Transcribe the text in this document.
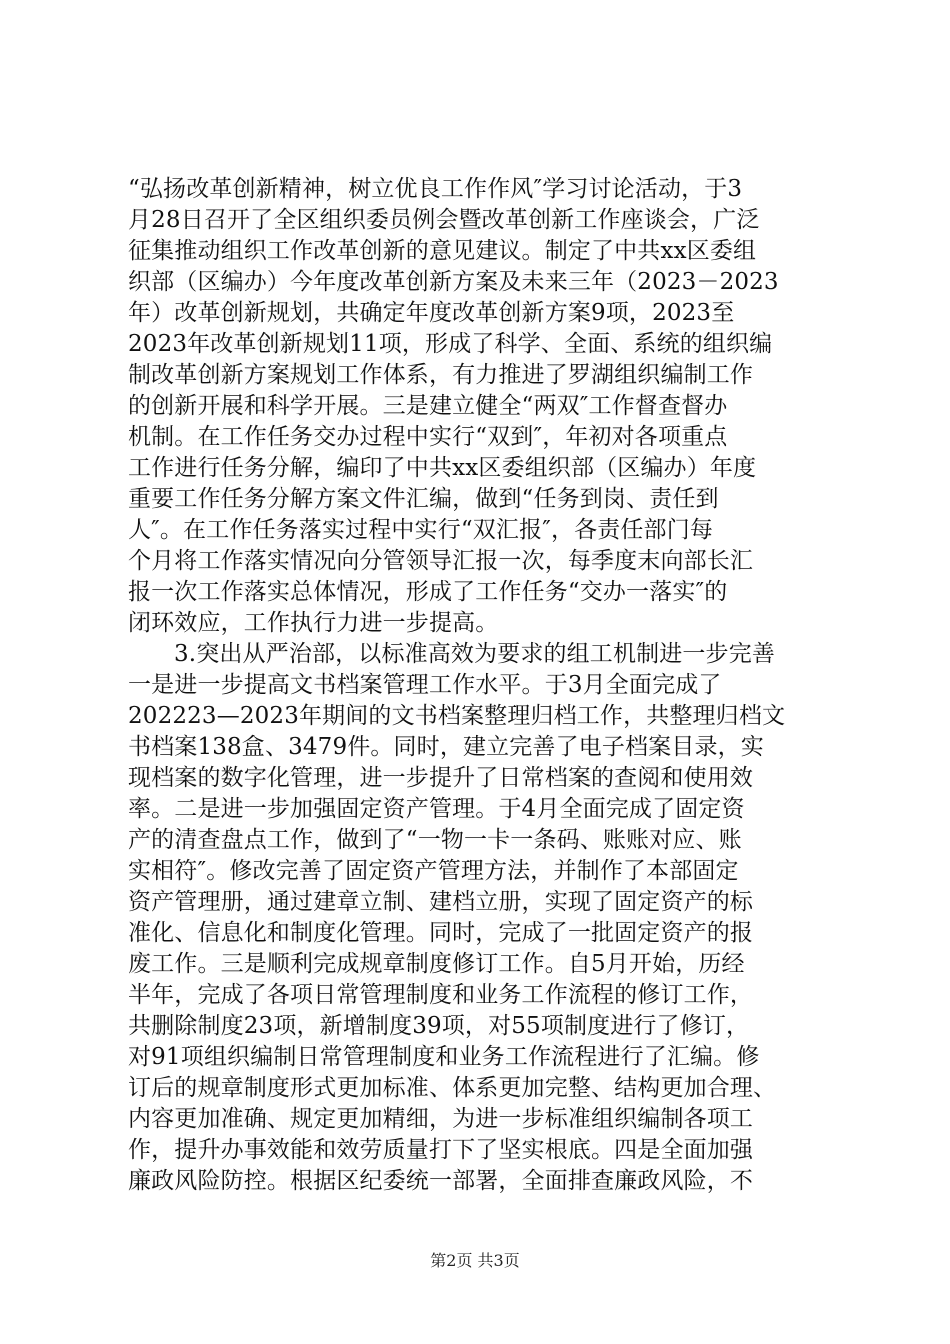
“弘扬改革创新精神，树立优良工作作风″学习讨论活动，于3
月28日召开了全区组织委员例会暨改革创新工作座谈会，广泛
征集推动组织工作改革创新的意见建议。制定了中共xx区委组
织部（区编办）今年度改革创新方案及未来三年（2023－2023
年）改革创新规划，共确定年度改革创新方案9项，2023至
2023年改革创新规划11项，形成了科学、全面、系统的组织编
制改革创新方案规划工作体系，有力推进了罗湖组织编制工作
的创新开展和科学开展。三是建立健全“两双″工作督查督办
机制。在工作任务交办过程中实行“双到″，年初对各项重点
工作进行任务分解，编印了中共xx区委组织部（区编办）年度
重要工作任务分解方案文件汇编，做到“任务到岗、责任到
人″。在工作任务落实过程中实行“双汇报″，各责任部门每
个月将工作落实情况向分管领导汇报一次，每季度末向部长汇
报一次工作落实总体情况，形成了工作任务“交办一落实″的
闭环效应，工作执行力进一步提高。
3.突出从严治部，以标准高效为要求的组工机制进一步完善
一是进一步提高文书档案管理工作水平。于3月全面完成了
202223—2023年期间的文书档案整理归档工作，共整理归档文
书档案138盒、3479件。同时，建立完善了电子档案目录，实
现档案的数字化管理，进一步提升了日常档案的查阅和使用效
率。二是进一步加强固定资产管理。于4月全面完成了固定资
产的清查盘点工作，做到了“一物一卡一条码、账账对应、账
实相符″。修改完善了固定资产管理方法，并制作了本部固定
资产管理册，通过建章立制、建档立册，实现了固定资产的标
准化、信息化和制度化管理。同时，完成了一批固定资产的报
废工作。三是顺利完成规章制度修订工作。自5月开始，历经
半年，完成了各项日常管理制度和业务工作流程的修订工作，
共删除制度23项，新增制度39项，对55项制度进行了修订，
对91项组织编制日常管理制度和业务工作流程进行了汇编。修
订后的规章制度形式更加标准、体系更加完整、结构更加合理、
内容更加准确、规定更加精细，为进一步标准组织编制各项工
作，提升办事效能和效劳质量打下了坚实根底。四是全面加强
廉政风险防控。根据区纪委统一部署，全面排查廉政风险，不
第2页 共3页
